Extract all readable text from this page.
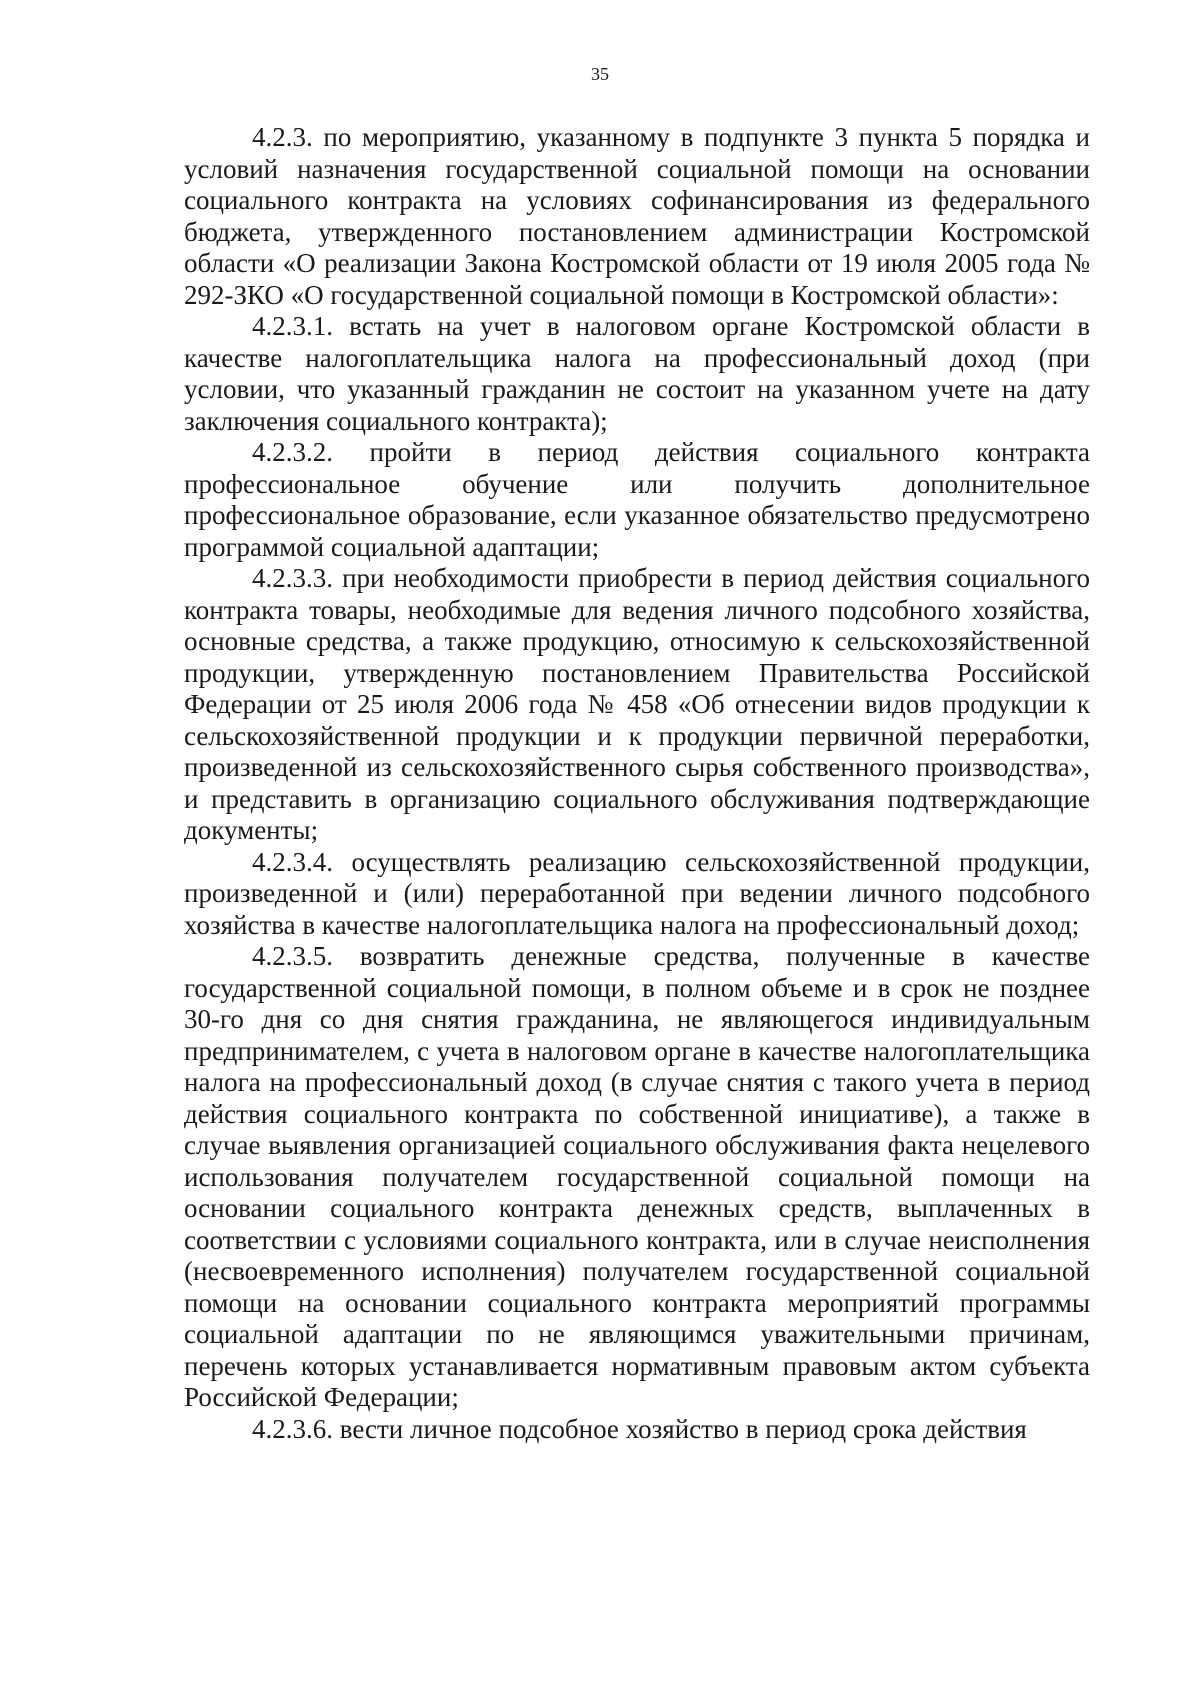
35

4.2.3. по мероприятию, указанному в подпункте 3 пункта 5 порядка и условий назначения государственной социальной помощи на основании социального контракта на условиях софинансирования из федерального бюджета, утвержденного постановлением администрации Костромской области «О реализации Закона Костромской области от 19 июля 2005 года № 292-ЗКО «О государственной социальной помощи в Костромской области»:

4.2.3.1. встать на учет в налоговом органе Костромской области в качестве налогоплательщика налога на профессиональный доход (при условии, что указанный гражданин не состоит на указанном учете на дату заключения социального контракта);

4.2.3.2. пройти в период действия социального контракта профессиональное обучение или получить дополнительное профессиональное образование, если указанное обязательство предусмотрено программой социальной адаптации;

4.2.3.3. при необходимости приобрести в период действия социального контракта товары, необходимые для ведения личного подсобного хозяйства, основные средства, а также продукцию, относимую к сельскохозяйственной продукции, утвержденную постановлением Правительства Российской Федерации от 25 июля 2006 года № 458 «Об отнесении видов продукции к сельскохозяйственной продукции и к продукции первичной переработки, произведенной из сельскохозяйственного сырья собственного производства», и представить в организацию социального обслуживания подтверждающие документы;

4.2.3.4. осуществлять реализацию сельскохозяйственной продукции, произведенной и (или) переработанной при ведении личного подсобного хозяйства в качестве налогоплательщика налога на профессиональный доход;

4.2.3.5. возвратить денежные средства, полученные в качестве государственной социальной помощи, в полном объеме и в срок не позднее 30-го дня со дня снятия гражданина, не являющегося индивидуальным предпринимателем, с учета в налоговом органе в качестве налогоплательщика налога на профессиональный доход (в случае снятия с такого учета в период действия социального контракта по собственной инициативе), а также в случае выявления организацией социального обслуживания факта нецелевого использования получателем государственной социальной помощи на основании социального контракта денежных средств, выплаченных в соответствии с условиями социального контракта, или в случае неисполнения (несвоевременного исполнения) получателем государственной социальной помощи на основании социального контракта мероприятий программы социальной адаптации по не являющимся уважительными причинам, перечень которых устанавливается нормативным правовым актом субъекта Российской Федерации;

4.2.3.6. вести личное подсобное хозяйство в период срока действия
